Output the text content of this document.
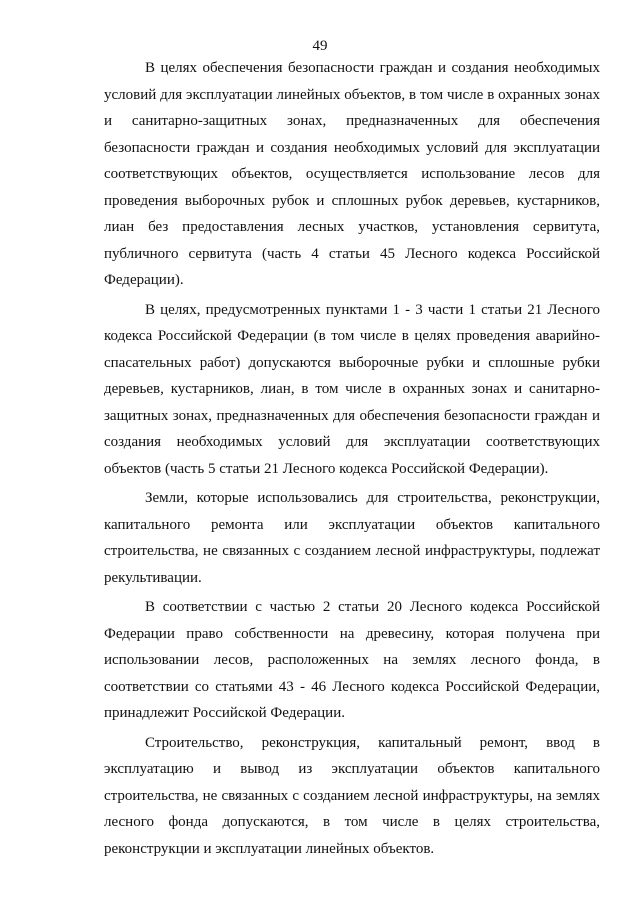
49

В целях обеспечения безопасности граждан и создания необходимых условий для эксплуатации линейных объектов, в том числе в охранных зонах и санитарно-защитных зонах, предназначенных для обеспечения безопасности граждан и создания необходимых условий для эксплуатации соответствующих объектов, осуществляется использование лесов для проведения выборочных рубок и сплошных рубок деревьев, кустарников, лиан без предоставления лесных участков, установления сервитута, публичного сервитута (часть 4 статьи 45 Лесного кодекса Российской Федерации).

В целях, предусмотренных пунктами 1 - 3 части 1 статьи 21 Лесного кодекса Российской Федерации (в том числе в целях проведения аварийно-спасательных работ) допускаются выборочные рубки и сплошные рубки деревьев, кустарников, лиан, в том числе в охранных зонах и санитарно-защитных зонах, предназначенных для обеспечения безопасности граждан и создания необходимых условий для эксплуатации соответствующих объектов (часть 5 статьи 21 Лесного кодекса Российской Федерации).

Земли, которые использовались для строительства, реконструкции, капитального ремонта или эксплуатации объектов капитального строительства, не связанных с созданием лесной инфраструктуры, подлежат рекультивации.

В соответствии с частью 2 статьи 20 Лесного кодекса Российской Федерации право собственности на древесину, которая получена при использовании лесов, расположенных на землях лесного фонда, в соответствии со статьями 43 - 46 Лесного кодекса Российской Федерации, принадлежит Российской Федерации.

Строительство, реконструкция, капитальный ремонт, ввод в эксплуатацию и вывод из эксплуатации объектов капитального строительства, не связанных с созданием лесной инфраструктуры, на землях лесного фонда допускаются, в том числе в целях строительства, реконструкции и эксплуатации линейных объектов.
